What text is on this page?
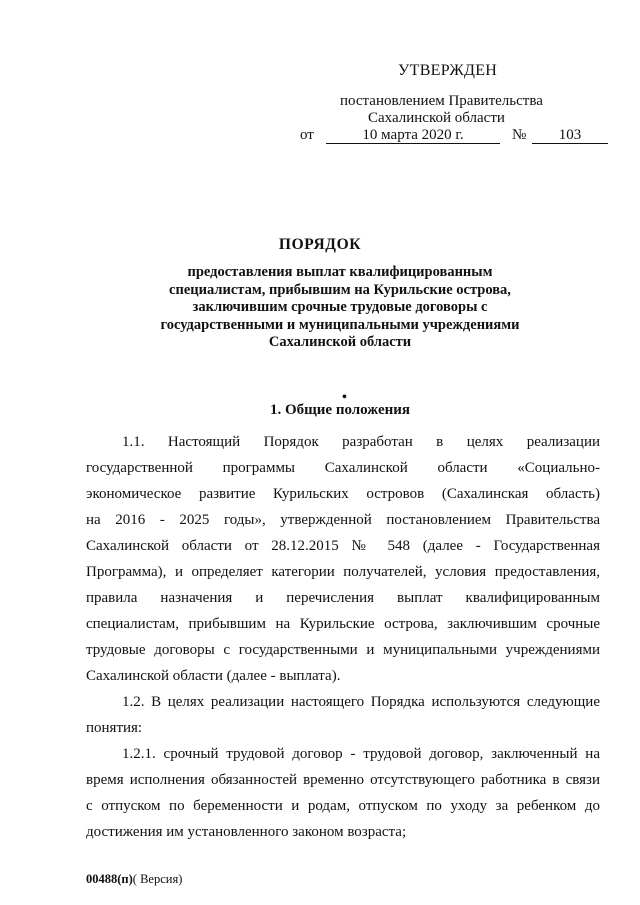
УТВЕРЖДЕН
постановлением Правительства
Сахалинской области
от	10 марта 2020 г.	№	103
ПОРЯДОК
предоставления выплат квалифицированным
специалистам, прибывшим на Курильские острова,
заключившим срочные трудовые договоры с
государственными и муниципальными учреждениями
Сахалинской области
•
1. Общие положения
1.1. Настоящий Порядок разработан в целях реализации
государственной программы Сахалинской области «Социально-
экономическое развитие Курильских островов (Сахалинская область)
на 2016 - 2025 годы», утвержденной постановлением Правительства
Сахалинской области от 28.12.2015 № 548 (далее - Государственная
Программа), и определяет категории получателей, условия предоставления,
правила назначения и перечисления выплат квалифицированным
специалистам, прибывшим на Курильские острова, заключившим срочные
трудовые договоры с государственными и муниципальными учреждениями
Сахалинской области (далее - выплата).
1.2. В целях реализации настоящего Порядка используются следующие
понятия:
1.2.1. срочный трудовой договор - трудовой договор, заключенный на
время исполнения обязанностей временно отсутствующего работника в связи
с отпуском по беременности и родам, отпуском по уходу за ребенком до
достижения им установленного законом возраста;
00488(п)( Версия)
